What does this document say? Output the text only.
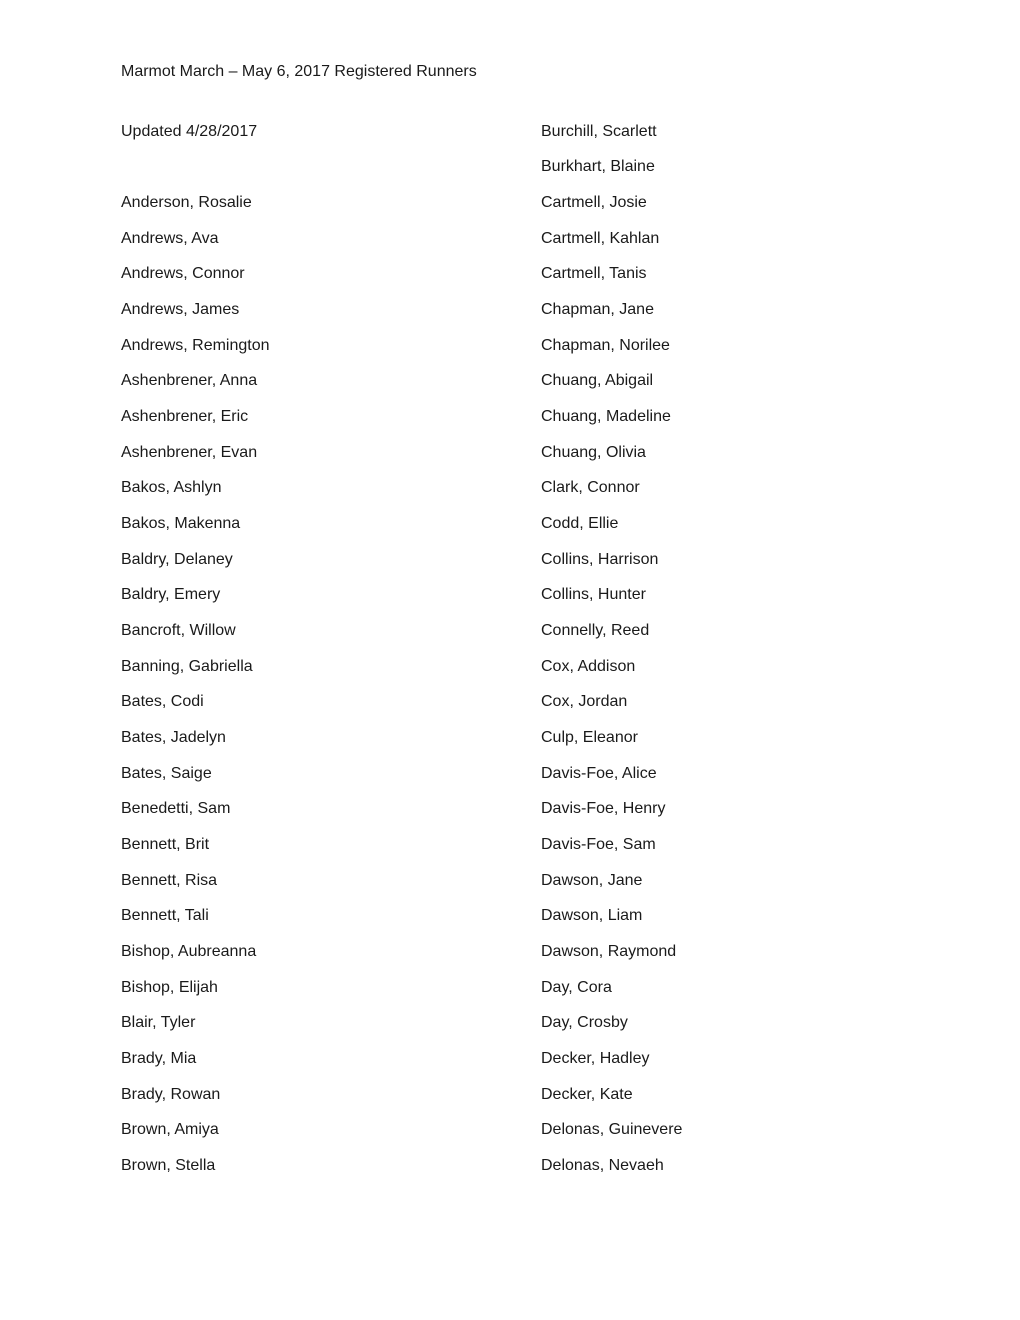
Marmot March – May 6, 2017 Registered Runners
Updated 4/28/2017
Anderson, Rosalie
Andrews, Ava
Andrews, Connor
Andrews, James
Andrews, Remington
Ashenbrener, Anna
Ashenbrener, Eric
Ashenbrener, Evan
Bakos, Ashlyn
Bakos, Makenna
Baldry, Delaney
Baldry, Emery
Bancroft, Willow
Banning, Gabriella
Bates, Codi
Bates, Jadelyn
Bates, Saige
Benedetti, Sam
Bennett, Brit
Bennett, Risa
Bennett, Tali
Bishop, Aubreanna
Bishop, Elijah
Blair, Tyler
Brady, Mia
Brady, Rowan
Brown, Amiya
Brown, Stella
Burchill, Scarlett
Burkhart, Blaine
Cartmell, Josie
Cartmell, Kahlan
Cartmell, Tanis
Chapman, Jane
Chapman, Norilee
Chuang, Abigail
Chuang, Madeline
Chuang, Olivia
Clark, Connor
Codd, Ellie
Collins, Harrison
Collins, Hunter
Connelly, Reed
Cox, Addison
Cox, Jordan
Culp, Eleanor
Davis-Foe, Alice
Davis-Foe, Henry
Davis-Foe, Sam
Dawson, Jane
Dawson, Liam
Dawson, Raymond
Day, Cora
Day, Crosby
Decker, Hadley
Decker, Kate
Delonas, Guinevere
Delonas, Nevaeh
